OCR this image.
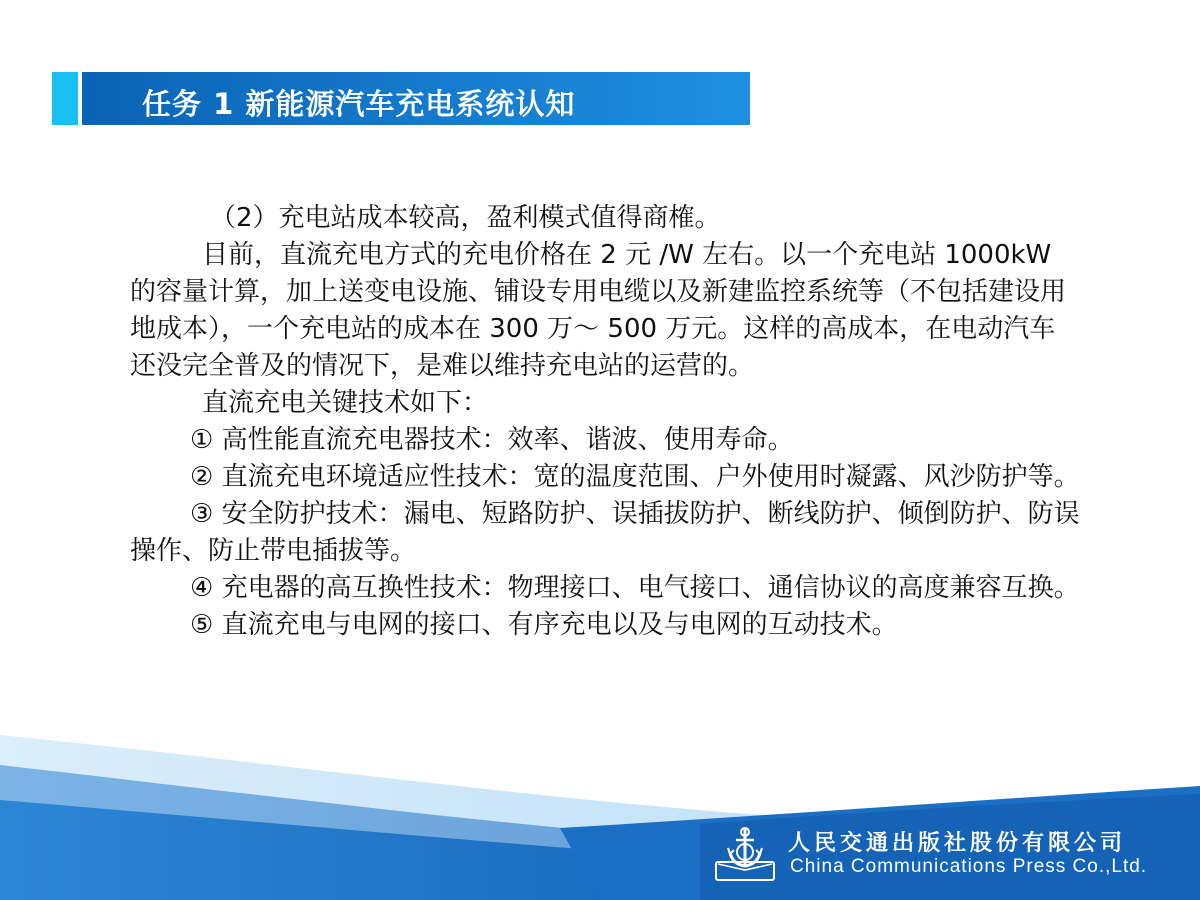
任务 1 新能源汽车充电系统认知

（2）充电站成本较高，盈利模式值得商榷。

目前，直流充电方式的充电价格在 2 元 /W 左右。以一个充电站 1000kW 的容量计算，加上送变电设施、铺设专用电缆以及新建监控系统等（不包括建设用地成本），一个充电站的成本在 300 万～ 500 万元。这样的高成本，在电动汽车还没完全普及的情况下，是难以维持充电站的运营的。

直流充电关键技术如下：

① 高性能直流充电器技术：效率、谐波、使用寿命。

② 直流充电环境适应性技术：宽的温度范围、户外使用时凝露、风沙防护等。

③ 安全防护技术：漏电、短路防护、误插拔防护、断线防护、倾倒防护、防误操作、防止带电插拔等。

④ 充电器的高互换性技术：物理接口、电气接口、通信协议的高度兼容互换。

⑤ 直流充电与电网的接口、有序充电以及与电网的互动技术。

人民交通出版社股份有限公司
China Communications Press Co.,Ltd.
